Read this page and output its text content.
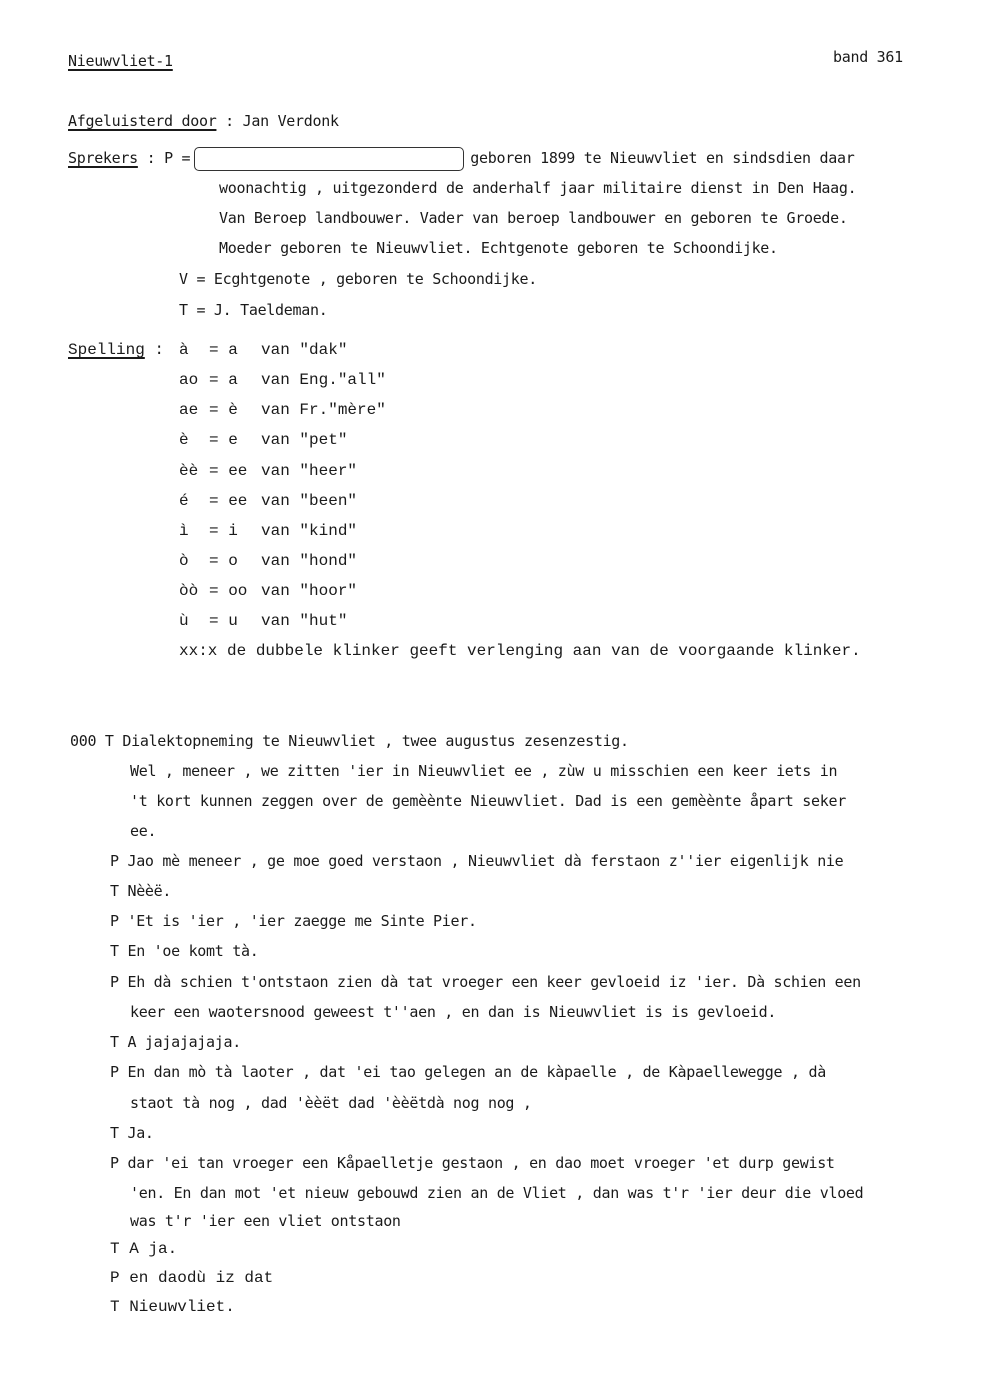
Nieuwvliet-1	band 361
Afgeluisterd door : Jan Verdonk
Sprekers : P =	geboren 1899 te Nieuwvliet en sindsdien daar
woonachtig , uitgezonderd de anderhalf jaar militaire dienst in Den Haag.
Van Beroep landbouwer. Vader van beroep landbouwer en geboren te Groede.
Moeder geboren te Nieuwvliet. Echtgenote geboren te Schoondijke.
V = Ecghtgenote , geboren te Schoondijke.
T = J. Taeldeman.
Spelling : à = a van "dak"
ao = a van Eng."all"
ae = è van Fr."mère"
è = e van "pet"
èè = ee van "heer"
é = ee van "been"
ì = i van "kind"
ò = o van "hond"
òò = oo van "hoor"
ù = u van "hut"
xx:x de dubbele klinker geeft verlenging aan van de voorgaande klinker.
000 T Dialektopneming te Nieuwvliet , twee augustus zesenzestig.
Wel , meneer , we zitten 'ier in Nieuwvliet ee , zùw u misschien een keer iets in
't kort kunnen zeggen over de gemèènte Nieuwvliet. Dad is een gemèènte åpart seker
ee.
P Jao mè meneer , ge moe goed verstaon , Nieuwvliet dà ferstaon z''ier eigenlijk nie
T Nèèë.
P 'Et is 'ier , 'ier zaegge me Sinte Pier.
T En 'oe komt tà.
P Eh dà schien t'ontstaon zien dà tat vroeger een keer gevloeid iz 'ier. Dà schien een
keer een waotersnood geweest t''aen , en dan is Nieuwvliet is is gevloeid.
T A jajajajaja.
P En dan mò tà laoter , dat 'ei tao gelegen an de kàpaelle , de Kàpaellewegge , dà
staot tà nog , dad 'èèët dad 'èèëtdà nog nog ,
T Ja.
P dar 'ei tan vroeger een Kåpaelletje gestaon , en dao moet vroeger 'et durp gewist
'en. En dan mot 'et nieuw gebouwd zien an de Vliet , dan was t'r 'ier deur die vloed
was t'r 'ier een vliet ontstaon
T A ja.
P en daodù iz dat
T Nieuwvliet.
